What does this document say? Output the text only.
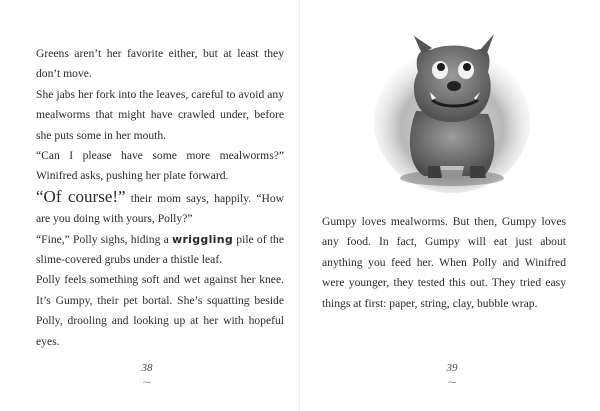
Greens aren’t her favorite either, but at least they don’t move.

She jabs her fork into the leaves, careful to avoid any mealworms that might have crawled under, before she puts some in her mouth.

“Can I please have some more mealworms?” Winifred asks, pushing her plate forward.

“Of course!” their mom says, happily. “How are you doing with yours, Polly?”

“Fine,” Polly sighs, hiding a wriggling pile of the slime-covered grubs under a thistle leaf.

Polly feels something soft and wet against her knee. It’s Gumpy, their pet bortal. She’s squatting beside Polly, drooling and looking up at her with hopeful eyes.

38
⁓

Gumpy loves mealworms. But then, Gumpy loves any food. In fact, Gumpy will eat just about anything you feed her. When Polly and Winifred were younger, they tested this out. They tried easy things at first: paper, string, clay, bubble wrap.

39
⁓
